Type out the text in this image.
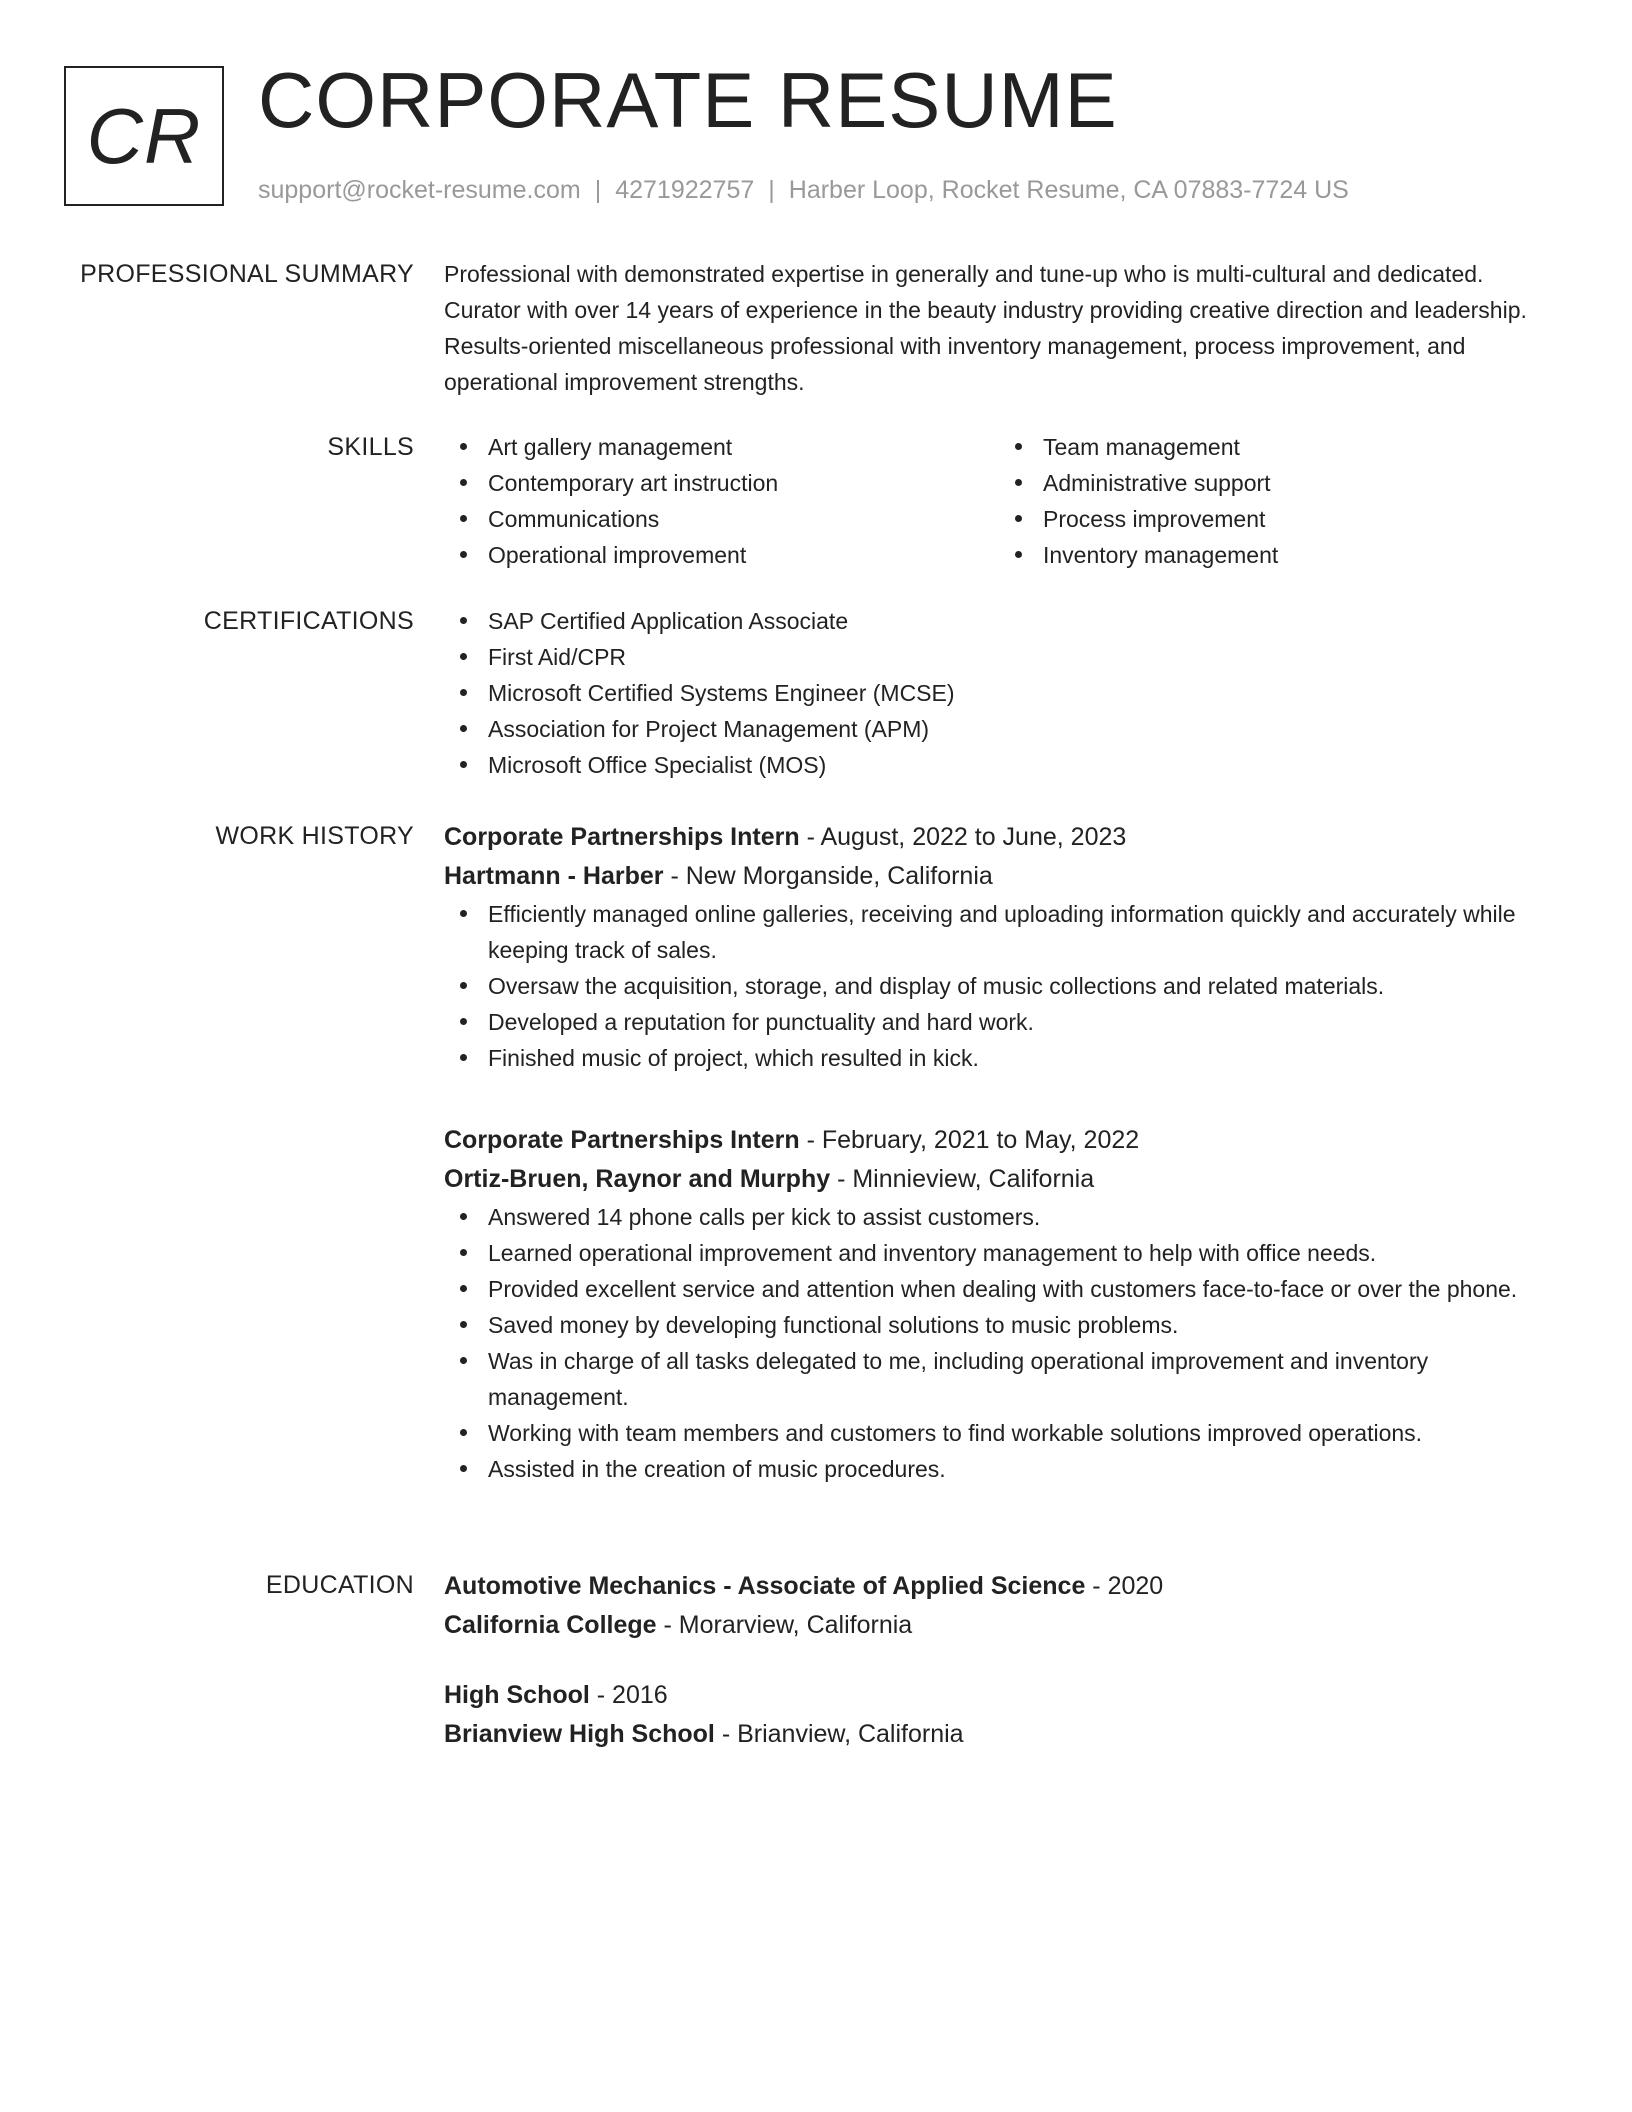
CR CORPORATE RESUME
support@rocket-resume.com | 4271922757 | Harber Loop, Rocket Resume, CA 07883-7724 US
PROFESSIONAL SUMMARY Professional with demonstrated expertise in generally and tune-up who is multi-cultural and dedicated. Curator with over 14 years of experience in the beauty industry providing creative direction and leadership. Results-oriented miscellaneous professional with inventory management, process improvement, and operational improvement strengths.

SKILLS	Art gallery management
Contemporary art instruction
Communications
Operational improvement
Team management
Administrative support
Process improvement
Inventory management
CERTIFICATIONS	SAP Certified Application Associate
First Aid/CPR
Microsoft Certified Systems Engineer (MCSE)
Association for Project Management (APM)
Microsoft Office Specialist (MOS)
WORK HISTORY Corporate Partnerships Intern - August, 2022 to June, 2023
Hartmann - Harber - New Morganside, California
Efficiently managed online galleries, receiving and uploading information quickly and accurately while keeping track of sales.
Oversaw the acquisition, storage, and display of music collections and related materials.
Developed a reputation for punctuality and hard work.
Finished music of project, which resulted in kick.
Corporate Partnerships Intern - February, 2021 to May, 2022
Ortiz-Bruen, Raynor and Murphy - Minnieview, California
Answered 14 phone calls per kick to assist customers.
Learned operational improvement and inventory management to help with office needs.
Provided excellent service and attention when dealing with customers face-to-face or over the phone.
Saved money by developing functional solutions to music problems.
Was in charge of all tasks delegated to me, including operational improvement and inventory management.
Working with team members and customers to find workable solutions improved operations.
Assisted in the creation of music procedures.
EDUCATION Automotive Mechanics - Associate of Applied Science - 2020
California College - Morarview, California
High School - 2016
Brianview High School - Brianview, California
